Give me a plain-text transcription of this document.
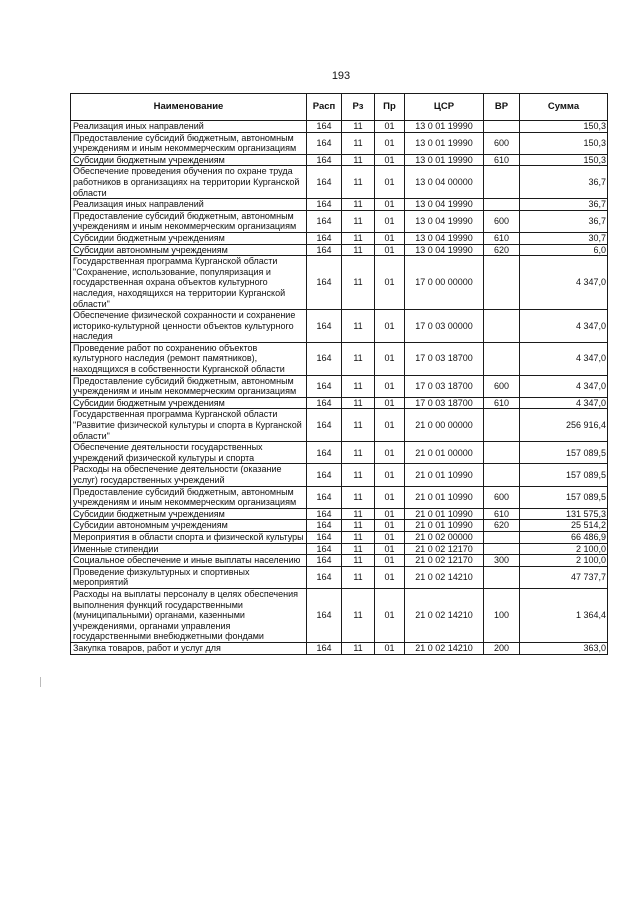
193
Наименование	Расп	Рз	Пр	ЦСР	ВР	Сумма
Реализация иных направлений	164	11	01	13 0 01 19990		150,3
Предоставление субсидий бюджетным, автономным учреждениям и иным некоммерческим организациям	164	11	01	13 0 01 19990	600	150,3
Субсидии бюджетным учреждениям	164	11	01	13 0 01 19990	610	150,3
Обеспечение проведения обучения по охране труда работников в организациях на территории Курганской области	164	11	01	13 0 04 00000		36,7
Реализация иных направлений	164	11	01	13 0 04 19990		36,7
Предоставление субсидий бюджетным, автономным учреждениям и иным некоммерческим организациям	164	11	01	13 0 04 19990	600	36,7
Субсидии бюджетным учреждениям	164	11	01	13 0 04 19990	610	30,7
Субсидии автономным учреждениям	164	11	01	13 0 04 19990	620	6,0
Государственная программа Курганской области "Сохранение, использование, популяризация и государственная охрана объектов культурного наследия, находящихся на территории Курганской области"	164	11	01	17 0 00 00000		4 347,0
Обеспечение физической сохранности и сохранение историко-культурной ценности объектов культурного наследия	164	11	01	17 0 03 00000		4 347,0
Проведение работ по сохранению объектов культурного наследия (ремонт памятников), находящихся в собственности Курганской области	164	11	01	17 0 03 18700		4 347,0
Предоставление субсидий бюджетным, автономным учреждениям и иным некоммерческим организациям	164	11	01	17 0 03 18700	600	4 347,0
Субсидии бюджетным учреждениям	164	11	01	17 0 03 18700	610	4 347,0
Государственная программа Курганской области "Развитие физической культуры и спорта в Курганской области"	164	11	01	21 0 00 00000		256 916,4
Обеспечение деятельности государственных учреждений физической культуры и спорта	164	11	01	21 0 01 00000		157 089,5
Расходы на обеспечение деятельности (оказание услуг) государственных учреждений	164	11	01	21 0 01 10990		157 089,5
Предоставление субсидий бюджетным, автономным учреждениям и иным некоммерческим организациям	164	11	01	21 0 01 10990	600	157 089,5
Субсидии бюджетным учреждениям	164	11	01	21 0 01 10990	610	131 575,3
Субсидии автономным учреждениям	164	11	01	21 0 01 10990	620	25 514,2
Мероприятия в области спорта и физической культуры	164	11	01	21 0 02 00000		66 486,9
Именные стипендии	164	11	01	21 0 02 12170		2 100,0
Социальное обеспечение и иные выплаты населению	164	11	01	21 0 02 12170	300	2 100,0
Проведение физкультурных и спортивных мероприятий	164	11	01	21 0 02 14210		47 737,7
Расходы на выплаты персоналу в целях обеспечения выполнения функций государственными (муниципальными) органами, казенными учреждениями, органами управления государственными внебюджетными фондами	164	11	01	21 0 02 14210	100	1 364,4
Закупка товаров, работ и услуг для	164	11	01	21 0 02 14210	200	363,0
